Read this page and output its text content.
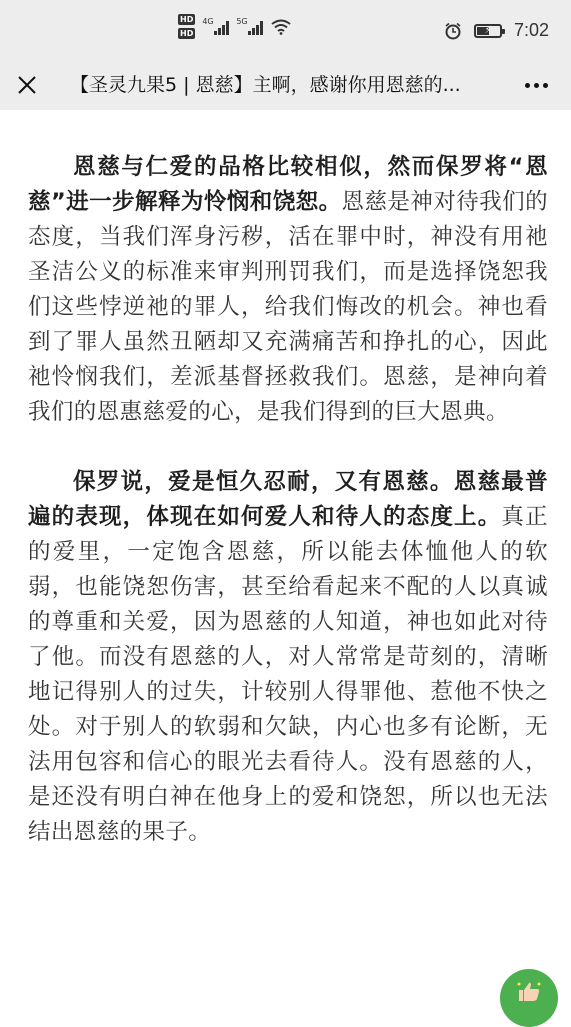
HD
HD
4G	5G
⚡ 7:02
【圣灵九果5 | 恩慈】主啊，感谢你用恩慈的...

恩慈与仁爱的品格比较相似，然而保罗将“恩慈”进一步解释为怜悯和饶恕。恩慈是神对待我们的态度，当我们浑身污秽，活在罪中时，神没有用祂圣洁公义的标准来审判刑罚我们，而是选择饶恕我们这些悖逆祂的罪人，给我们悔改的机会。神也看到了罪人虽然丑陋却又充满痛苦和挣扎的心，因此祂怜悯我们，差派基督拯救我们。恩慈，是神向着我们的恩惠慈爱的心，是我们得到的巨大恩典。

保罗说，爱是恒久忍耐，又有恩慈。恩慈最普遍的表现，体现在如何爱人和待人的态度上。真正的爱里，一定饱含恩慈，所以能去体恤他人的软弱，也能饶恕伤害，甚至给看起来不配的人以真诚的尊重和关爱，因为恩慈的人知道，神也如此对待了他。而没有恩慈的人，对人常常是苛刻的，清晰地记得别人的过失，计较别人得罪他、惹他不快之处。对于别人的软弱和欠缺，内心也多有论断，无法用包容和信心的眼光去看待人。没有恩慈的人，是还没有明白神在他身上的爱和饶恕，所以也无法结出恩慈的果子。
